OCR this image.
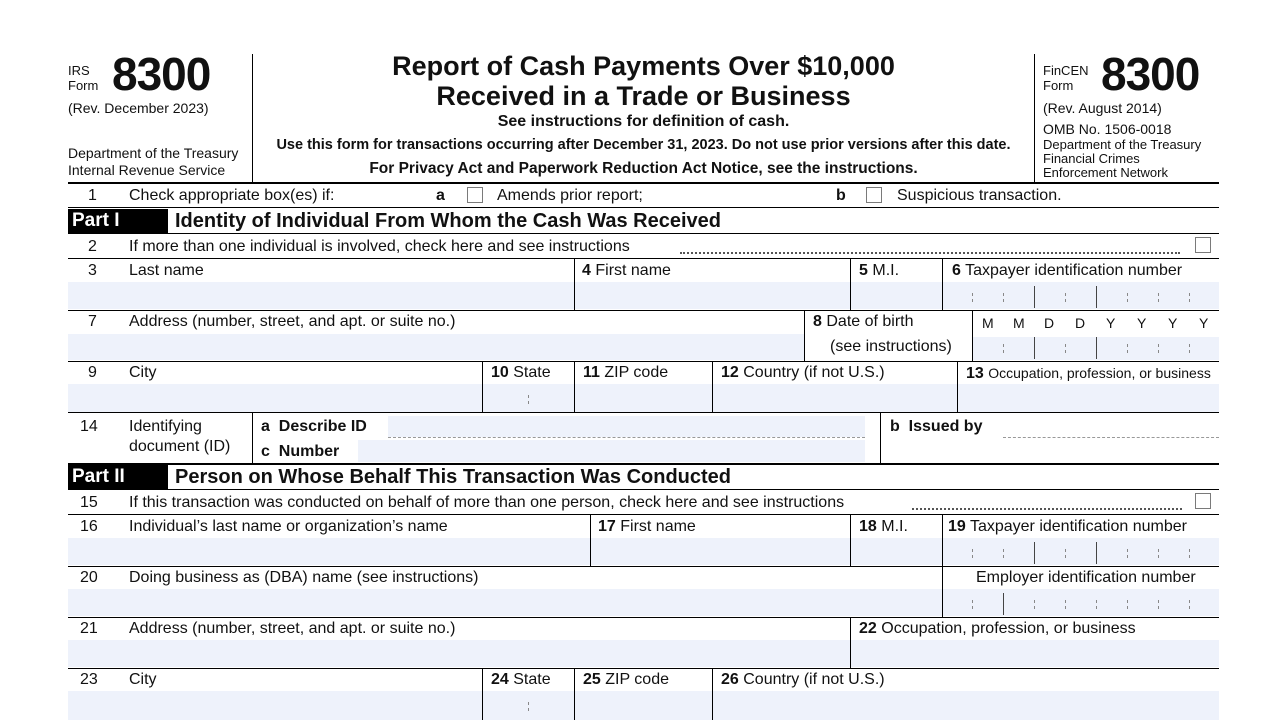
IRS
Form 8300
(Rev. December 2023)
Department of the Treasury
Internal Revenue Service
Report of Cash Payments Over $10,000
Received in a Trade or Business
See instructions for definition of cash.
Use this form for transactions occurring after December 31, 2023. Do not use prior versions after this date.
For Privacy Act and Paperwork Reduction Act Notice, see the instructions.
FinCEN
Form 8300
(Rev. August 2014)
OMB No. 1506-0018
Department of the Treasury
Financial Crimes
Enforcement Network
1 Check appropriate box(es) if:	a	Amends prior report;	b	Suspicious transaction.
Part I	Identity of Individual From Whom the Cash Was Received
2 If more than one individual is involved, check here and see instructions
3 Last name	4 First name	5 M.I.	6 Taxpayer identification number
7 Address (number, street, and apt. or suite no.)	8 Date of birth
(see instructions)
M M D D Y Y Y Y
9 City	10 State 11 ZIP code	12 Country (if not U.S.)	13 Occupation, profession, or business
14 Identifying
document (ID)
a Describe ID
c Number
b Issued by
Part II	Person on Whose Behalf This Transaction Was Conducted
15 If this transaction was conducted on behalf of more than one person, check here and see instructions
16 Individual’s last name or organization’s name	17 First name	18 M.I.	19 Taxpayer identification number
20 Doing business as (DBA) name (see instructions)	Employer identification number
21 Address (number, street, and apt. or suite no.)	22 Occupation, profession, or business
23 City	24 State 25 ZIP code	26 Country (if not U.S.)
